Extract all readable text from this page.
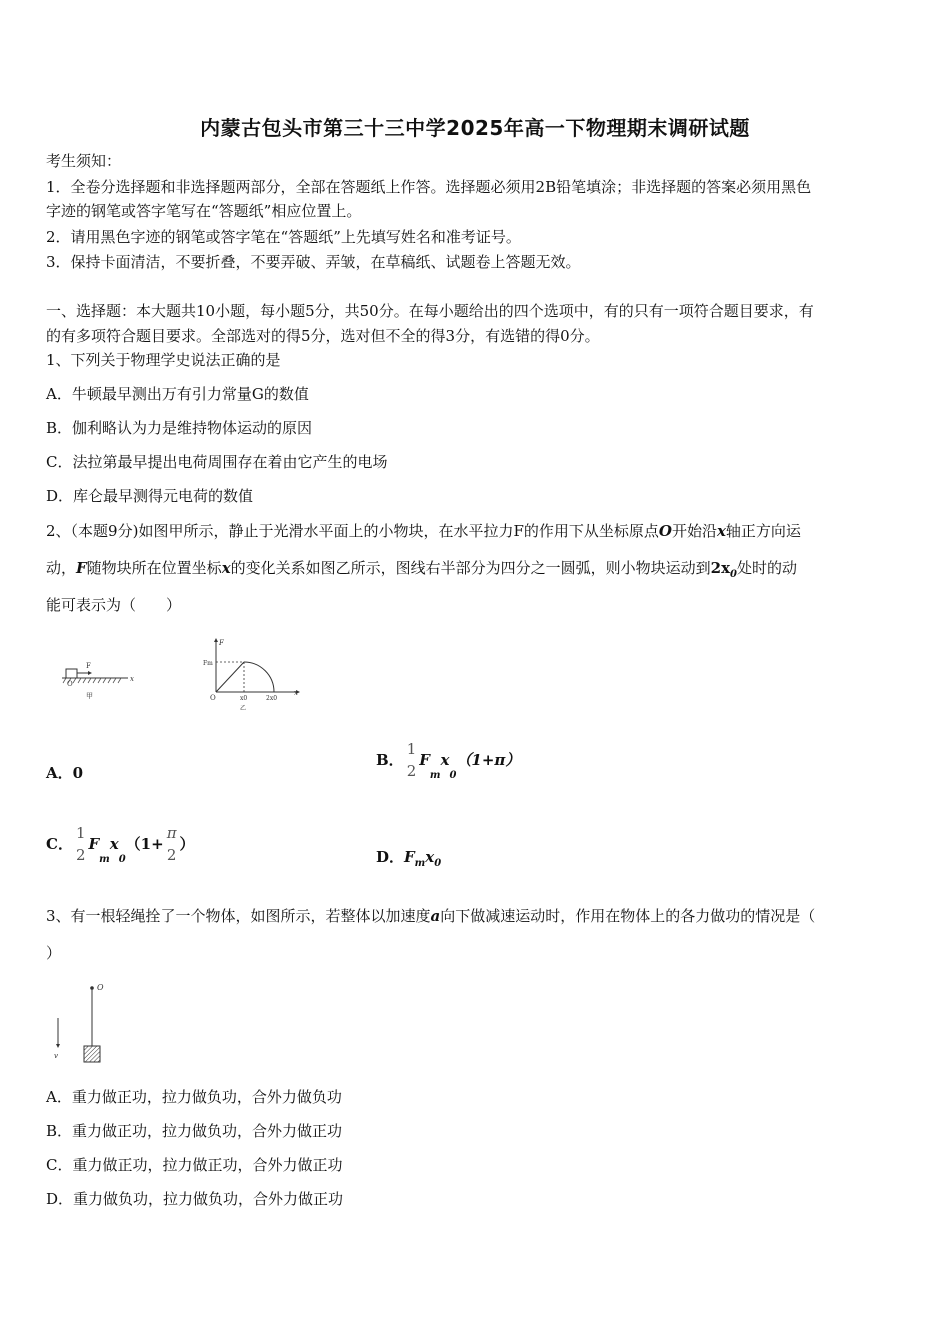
内蒙古包头市第三十三中学2025年高一下物理期末调研试题
考生须知：
1．全卷分选择题和非选择题两部分，全部在答题纸上作答。选择题必须用2B铅笔填涂；非选择题的答案必须用黑色
字迹的钢笔或答字笔写在“答题纸”相应位置上。
2．请用黑色字迹的钢笔或答字笔在“答题纸”上先填写姓名和准考证号。
3．保持卡面清洁，不要折叠，不要弄破、弄皱，在草稿纸、试题卷上答题无效。
一、选择题：本大题共10小题，每小题5分，共50分。在每小题给出的四个选项中，有的只有一项符合题目要求，有
的有多项符合题目要求。全部选对的得5分，选对但不全的得3分，有选错的得0分。
1、下列关于物理学史说法正确的是
A．牛顿最早测出万有引力常量G的数值
B．伽利略认为力是维持物体运动的原因
C．法拉第最早提出电荷周围存在着由它产生的电场
D．库仑最早测得元电荷的数值
2、（本题9分)如图甲所示，静止于光滑水平面上的小物块，在水平拉力F的作用下从坐标原点O开始沿x轴正方向运
动，F随物块所在位置坐标x的变化关系如图乙所示，图线右半部分为四分之一圆弧，则小物块运动到$2x_0$处时的动
能可表示为（　　）
F
O
x
甲
F
Fm
O	x0	2x0
x
乙
A．0
B．
1
2
$F_mx_0(1+\pi)$
C．
1
2
$F_mx_0(1+$
π
2
）
D．$F_mx_0$
3、有一根轻绳拴了一个物体，如图所示，若整体以加速度a向下做减速运动时，作用在物体上的各力做功的情况是（
）
O
v
A．重力做正功，拉力做负功，合外力做负功
B．重力做正功，拉力做负功，合外力做正功
C．重力做正功，拉力做正功，合外力做正功
D．重力做负功，拉力做负功，合外力做正功
